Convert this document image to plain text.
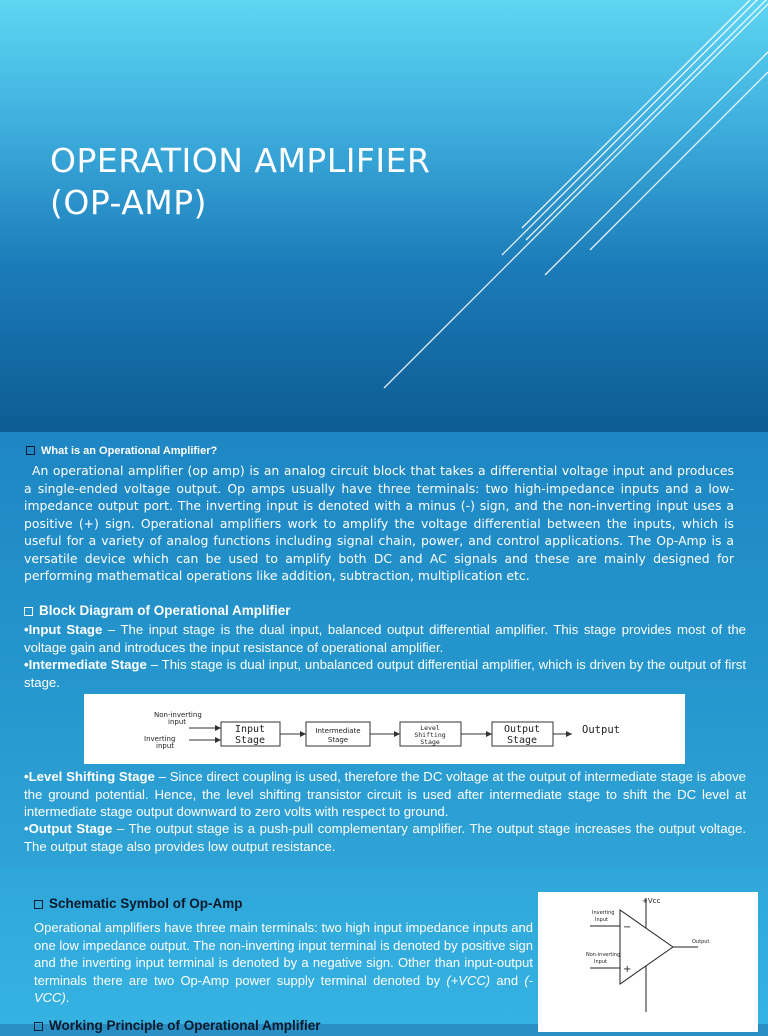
OPERATION AMPLIFIER
(OP-AMP)
What is an Operational Amplifier?
An operational amplifier (op amp) is an analog circuit block that takes a differential voltage input and produces a single-ended voltage output. Op amps usually have three terminals: two high-impedance inputs and a low-impedance output port. The inverting input is denoted with a minus (-) sign, and the non-inverting input uses a positive (+) sign. Operational amplifiers work to amplify the voltage differential between the inputs, which is useful for a variety of analog functions including signal chain, power, and control applications. The Op-Amp is a versatile device which can be used to amplify both DC and AC signals and these are mainly designed for performing mathematical operations like addition, subtraction, multiplication etc.
Block Diagram of Operational Amplifier
•Input Stage – The input stage is the dual input, balanced output differential amplifier. This stage provides most of the voltage gain and introduces the input resistance of operational amplifier.
•Intermediate Stage – This stage is dual input, unbalanced output differential amplifier, which is driven by the output of first stage.
Non-inverting
input
Inverting
input
Input
Stage
Intermediate
Stage
Level
Shifting
Stage
Output
Stage
Output
•Level Shifting Stage – Since direct coupling is used, therefore the DC voltage at the output of intermediate stage is above the ground potential. Hence, the level shifting transistor circuit is used after intermediate stage to shift the DC level at intermediate stage output downward to zero volts with respect to ground.
•Output Stage – The output stage is a push-pull complementary amplifier. The output stage increases the output voltage. The output stage also provides low output resistance.
Schematic Symbol of Op-Amp
Operational amplifiers have three main terminals: two high input impedance inputs and one low impedance output. The non-inverting input terminal is denoted by positive sign and the inverting input terminal is denoted by a negative sign. Other than input-output terminals there are two Op-Amp power supply terminal denoted by (+VCC) and (-VCC).
Working Principle of Operational Amplifier
+Vcc
Inverting
Input
Non-inverting
Input
Output
−
+
